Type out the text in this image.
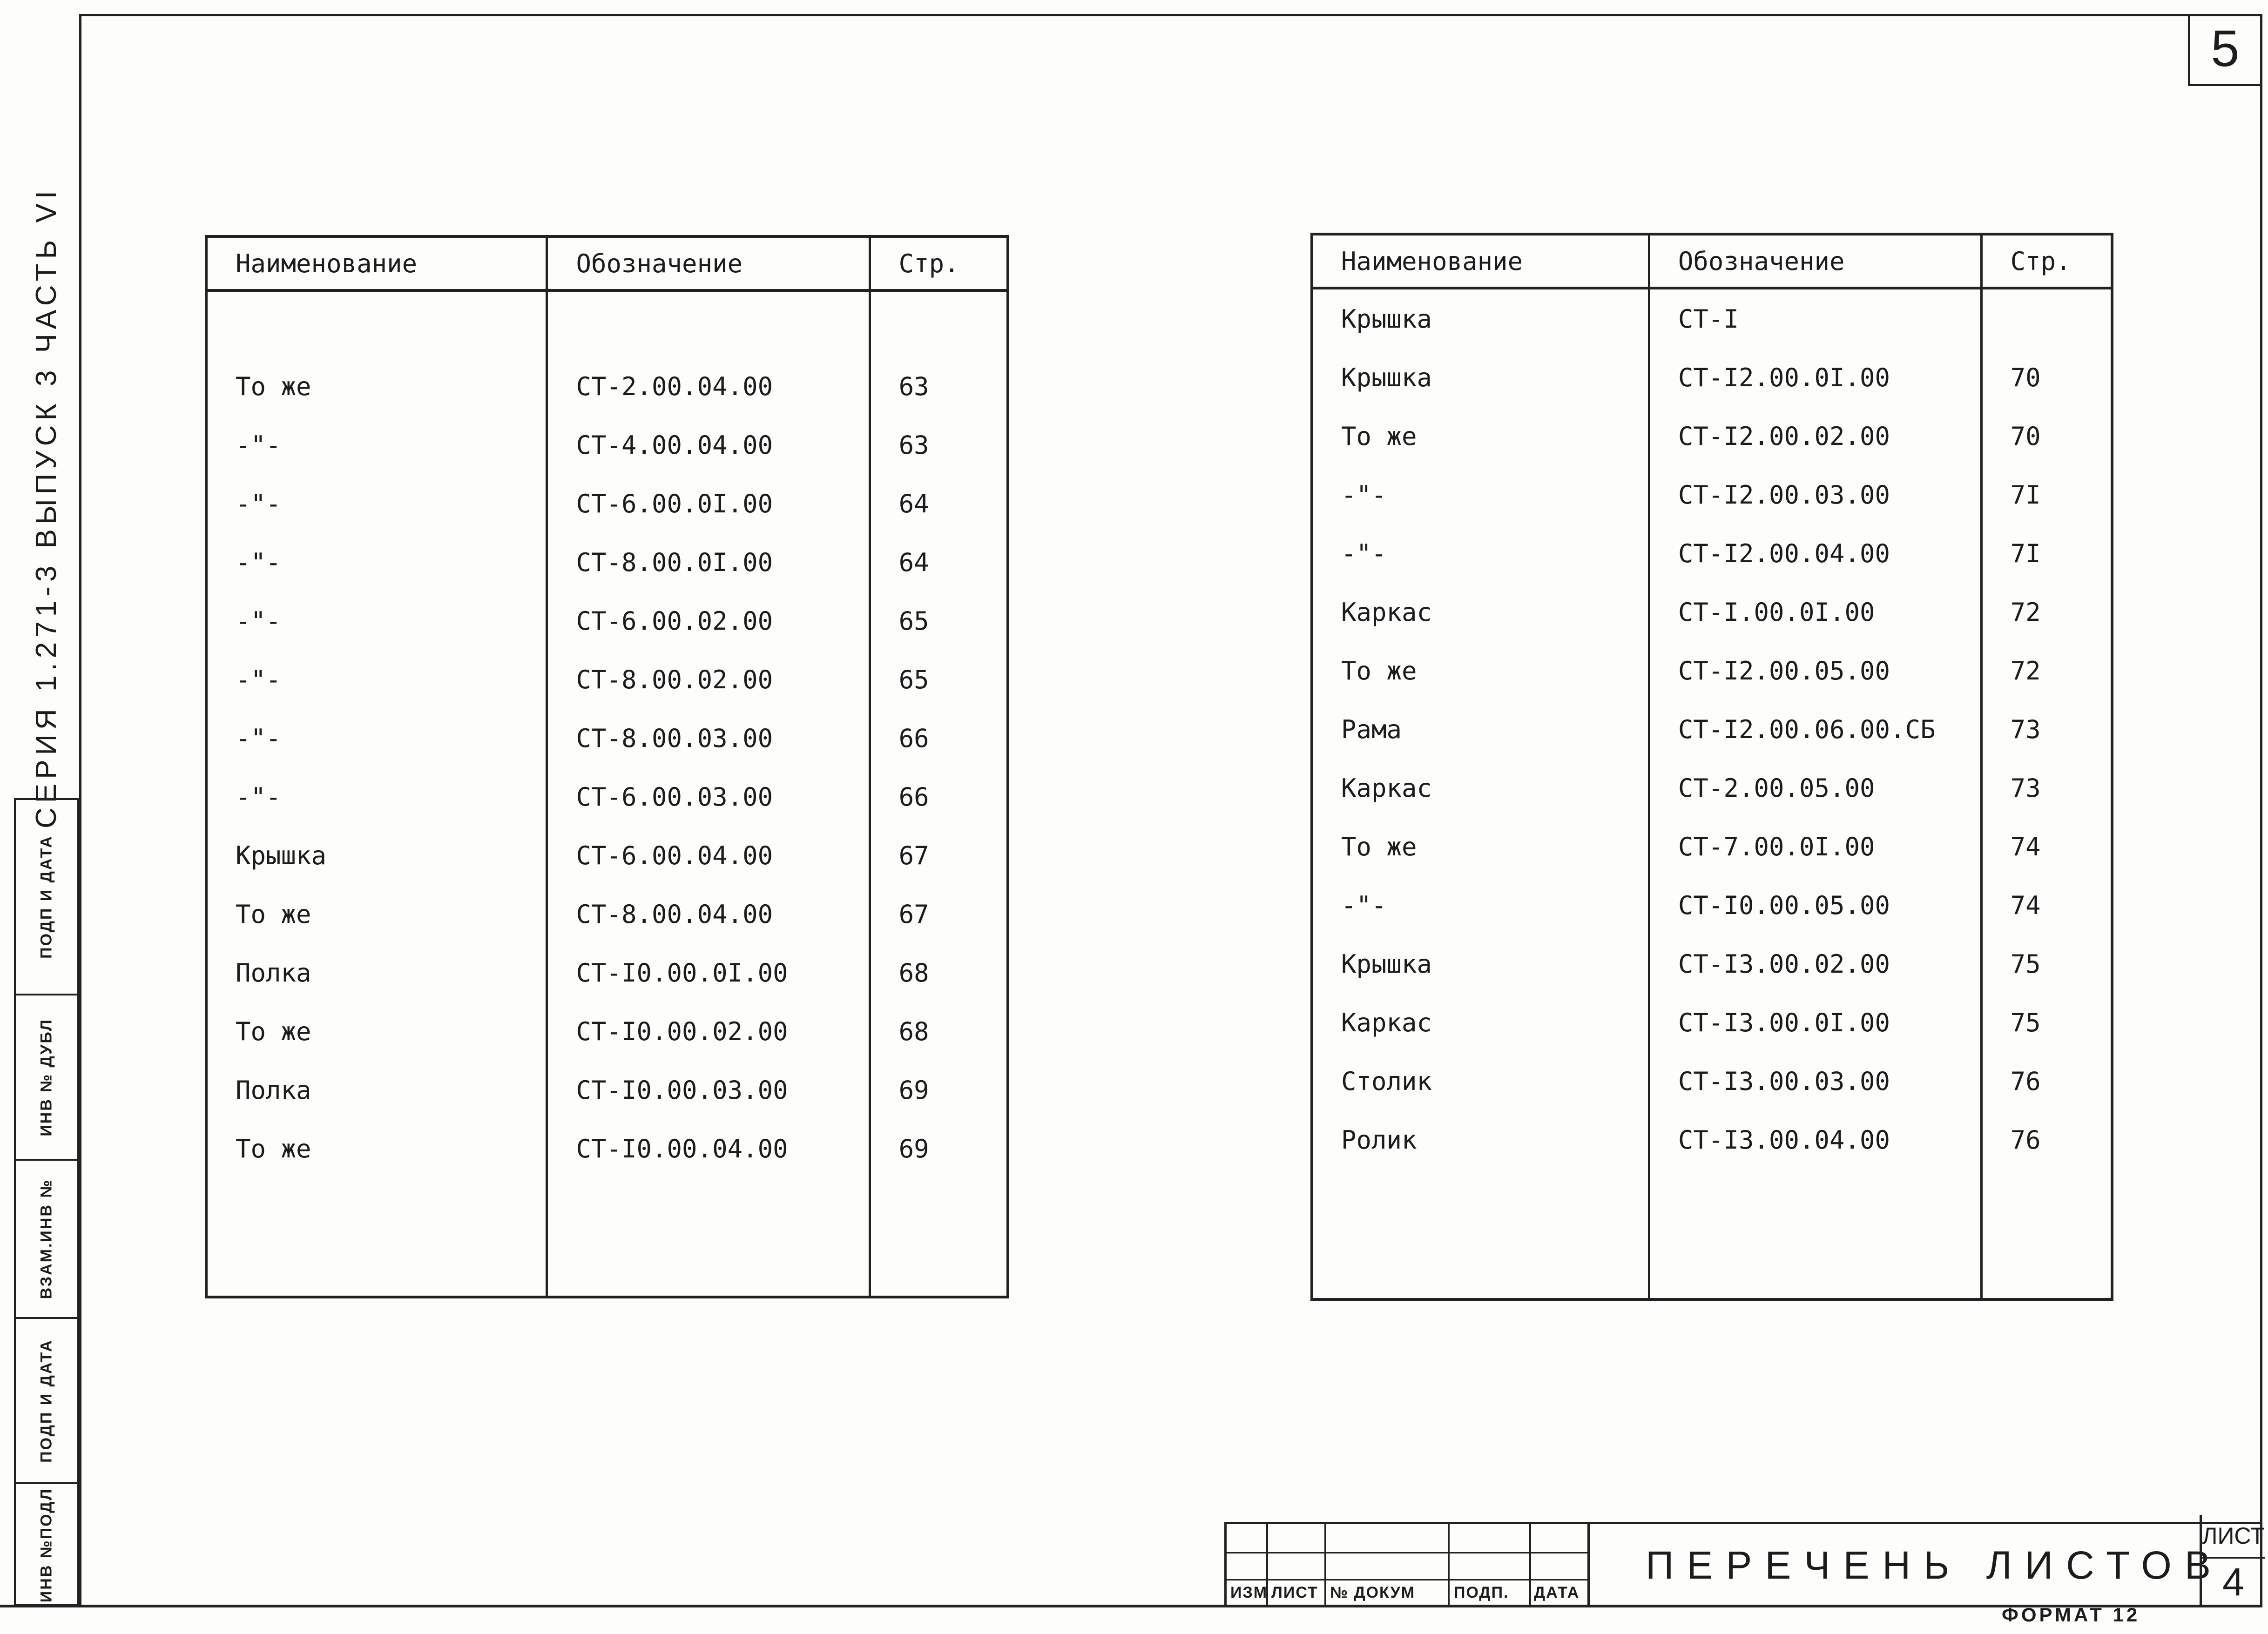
5
СЕРИЯ 1.271-3 ВЫПУСК 3 ЧАСТЬ VI
ПОДП И ДАТА
ИНВ № ДУБЛ
ВЗАМ.ИНВ №
ПОДП И ДАТА
ИНВ №ПОДЛ
Наименование	Обозначение	Стр.

То же	СТ-2.00.04.00	63
-"-	СТ-4.00.04.00	63
-"-	СТ-6.00.0I.00	64
-"-	СТ-8.00.0I.00	64
-"-	СТ-6.00.02.00	65
-"-	СТ-8.00.02.00	65
-"-	СТ-8.00.03.00	66
-"-	СТ-6.00.03.00	66
Крышка	СТ-6.00.04.00	67
То же	СТ-8.00.04.00	67
Полка	СТ-I0.00.0I.00	68
То же	СТ-I0.00.02.00	68
Полка	СТ-I0.00.03.00	69
То же	СТ-I0.00.04.00	69

Наименование	Обозначение	Стр.
Крышка	СТ-I	
Крышка	СТ-I2.00.0I.00	70
То же	СТ-I2.00.02.00	70
-"-	СТ-I2.00.03.00	7I
-"-	СТ-I2.00.04.00	7I
Каркас	СТ-I.00.0I.00	72
То же	СТ-I2.00.05.00	72
Рама	СТ-I2.00.06.00.СБ	73
Каркас	СТ-2.00.05.00	73
То же	СТ-7.00.0I.00	74
-"-	СТ-I0.00.05.00	74
Крышка	СТ-I3.00.02.00	75
Каркас	СТ-I3.00.0I.00	75
Столик	СТ-I3.00.03.00	76
Ролик	СТ-I3.00.04.00	76

ИЗМ ЛИСТ № ДОКУМ ПОДП. ДАТА
ПЕРЕЧЕНЬ ЛИСТОВ
ЛИСТ
4
ФОРМАТ 12
